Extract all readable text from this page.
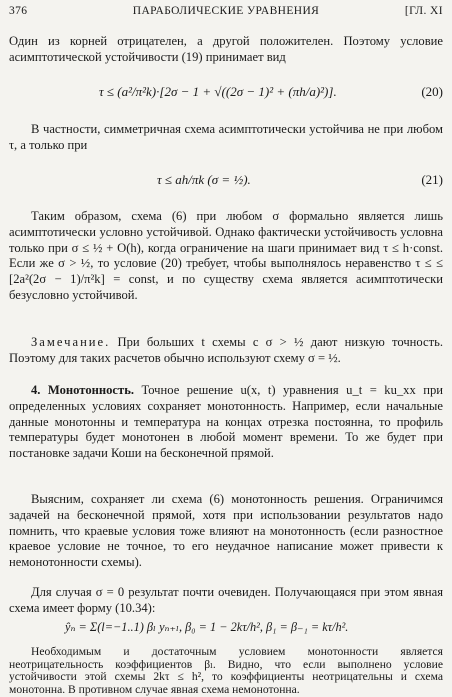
376	ПАРАБОЛИЧЕСКИЕ УРАВНЕНИЯ	[ГЛ. XI
Один из корней отрицателен, а другой положителен. Поэтому условие асимптотической устойчивости (19) принимает вид
τ ≤ (a²/π²k)·[2σ − 1 + √((2σ − 1)² + (πh/a)²)].	(20)
В частности, симметричная схема асимптотически устойчива не при любом τ, а только при
τ ≤ ah/πk (σ = ½).	(21)
Таким образом, схема (6) при любом σ формально является лишь асимптотически условно устойчивой. Однако фактически устойчивость условна только при σ ≤ ½ + O(h), когда ограничение на шаги принимает вид τ ≤ h·const. Если же σ > ½, то условие (20) требует, чтобы выполнялось неравенство τ ≤ ≤ [2a²(2σ − 1)/π²k] = const, и по существу схема является асимптотически безусловно устойчивой.
Замечание. При больших t схемы с σ > ½ дают низкую точность. Поэтому для таких расчетов обычно используют схему σ = ½.
4. Монотонность. Точное решение u(x, t) уравнения u_t = ku_xx при определенных условиях сохраняет монотонность. Например, если начальные данные монотонны и температура на концах отрезка постоянна, то профиль температуры будет монотонен в любой момент времени. То же будет при постановке задачи Коши на бесконечной прямой.
Выясним, сохраняет ли схема (6) монотонность решения. Ограничимся задачей на бесконечной прямой, хотя при использовании результатов надо помнить, что краевые условия тоже влияют на монотонность (если разностное краевое условие не точное, то его неудачное написание может привести к немонотонности схемы).
Для случая σ = 0 результат почти очевиден. Получающаяся при этом явная схема имеет форму (10.34):
ŷₙ = Σ(l=−1..1) βₗ yₙ₊ₗ, β₀ = 1 − 2kτ/h², β₁ = β₋₁ = kτ/h².
Необходимым и достаточным условием монотонности является неотрицательность коэффициентов βₗ. Видно, что если выполнено условие устойчивости этой схемы 2kτ ≤ h², то коэффициенты неотрицательны и схема монотонна. В противном случае явная схема немонотонна.
